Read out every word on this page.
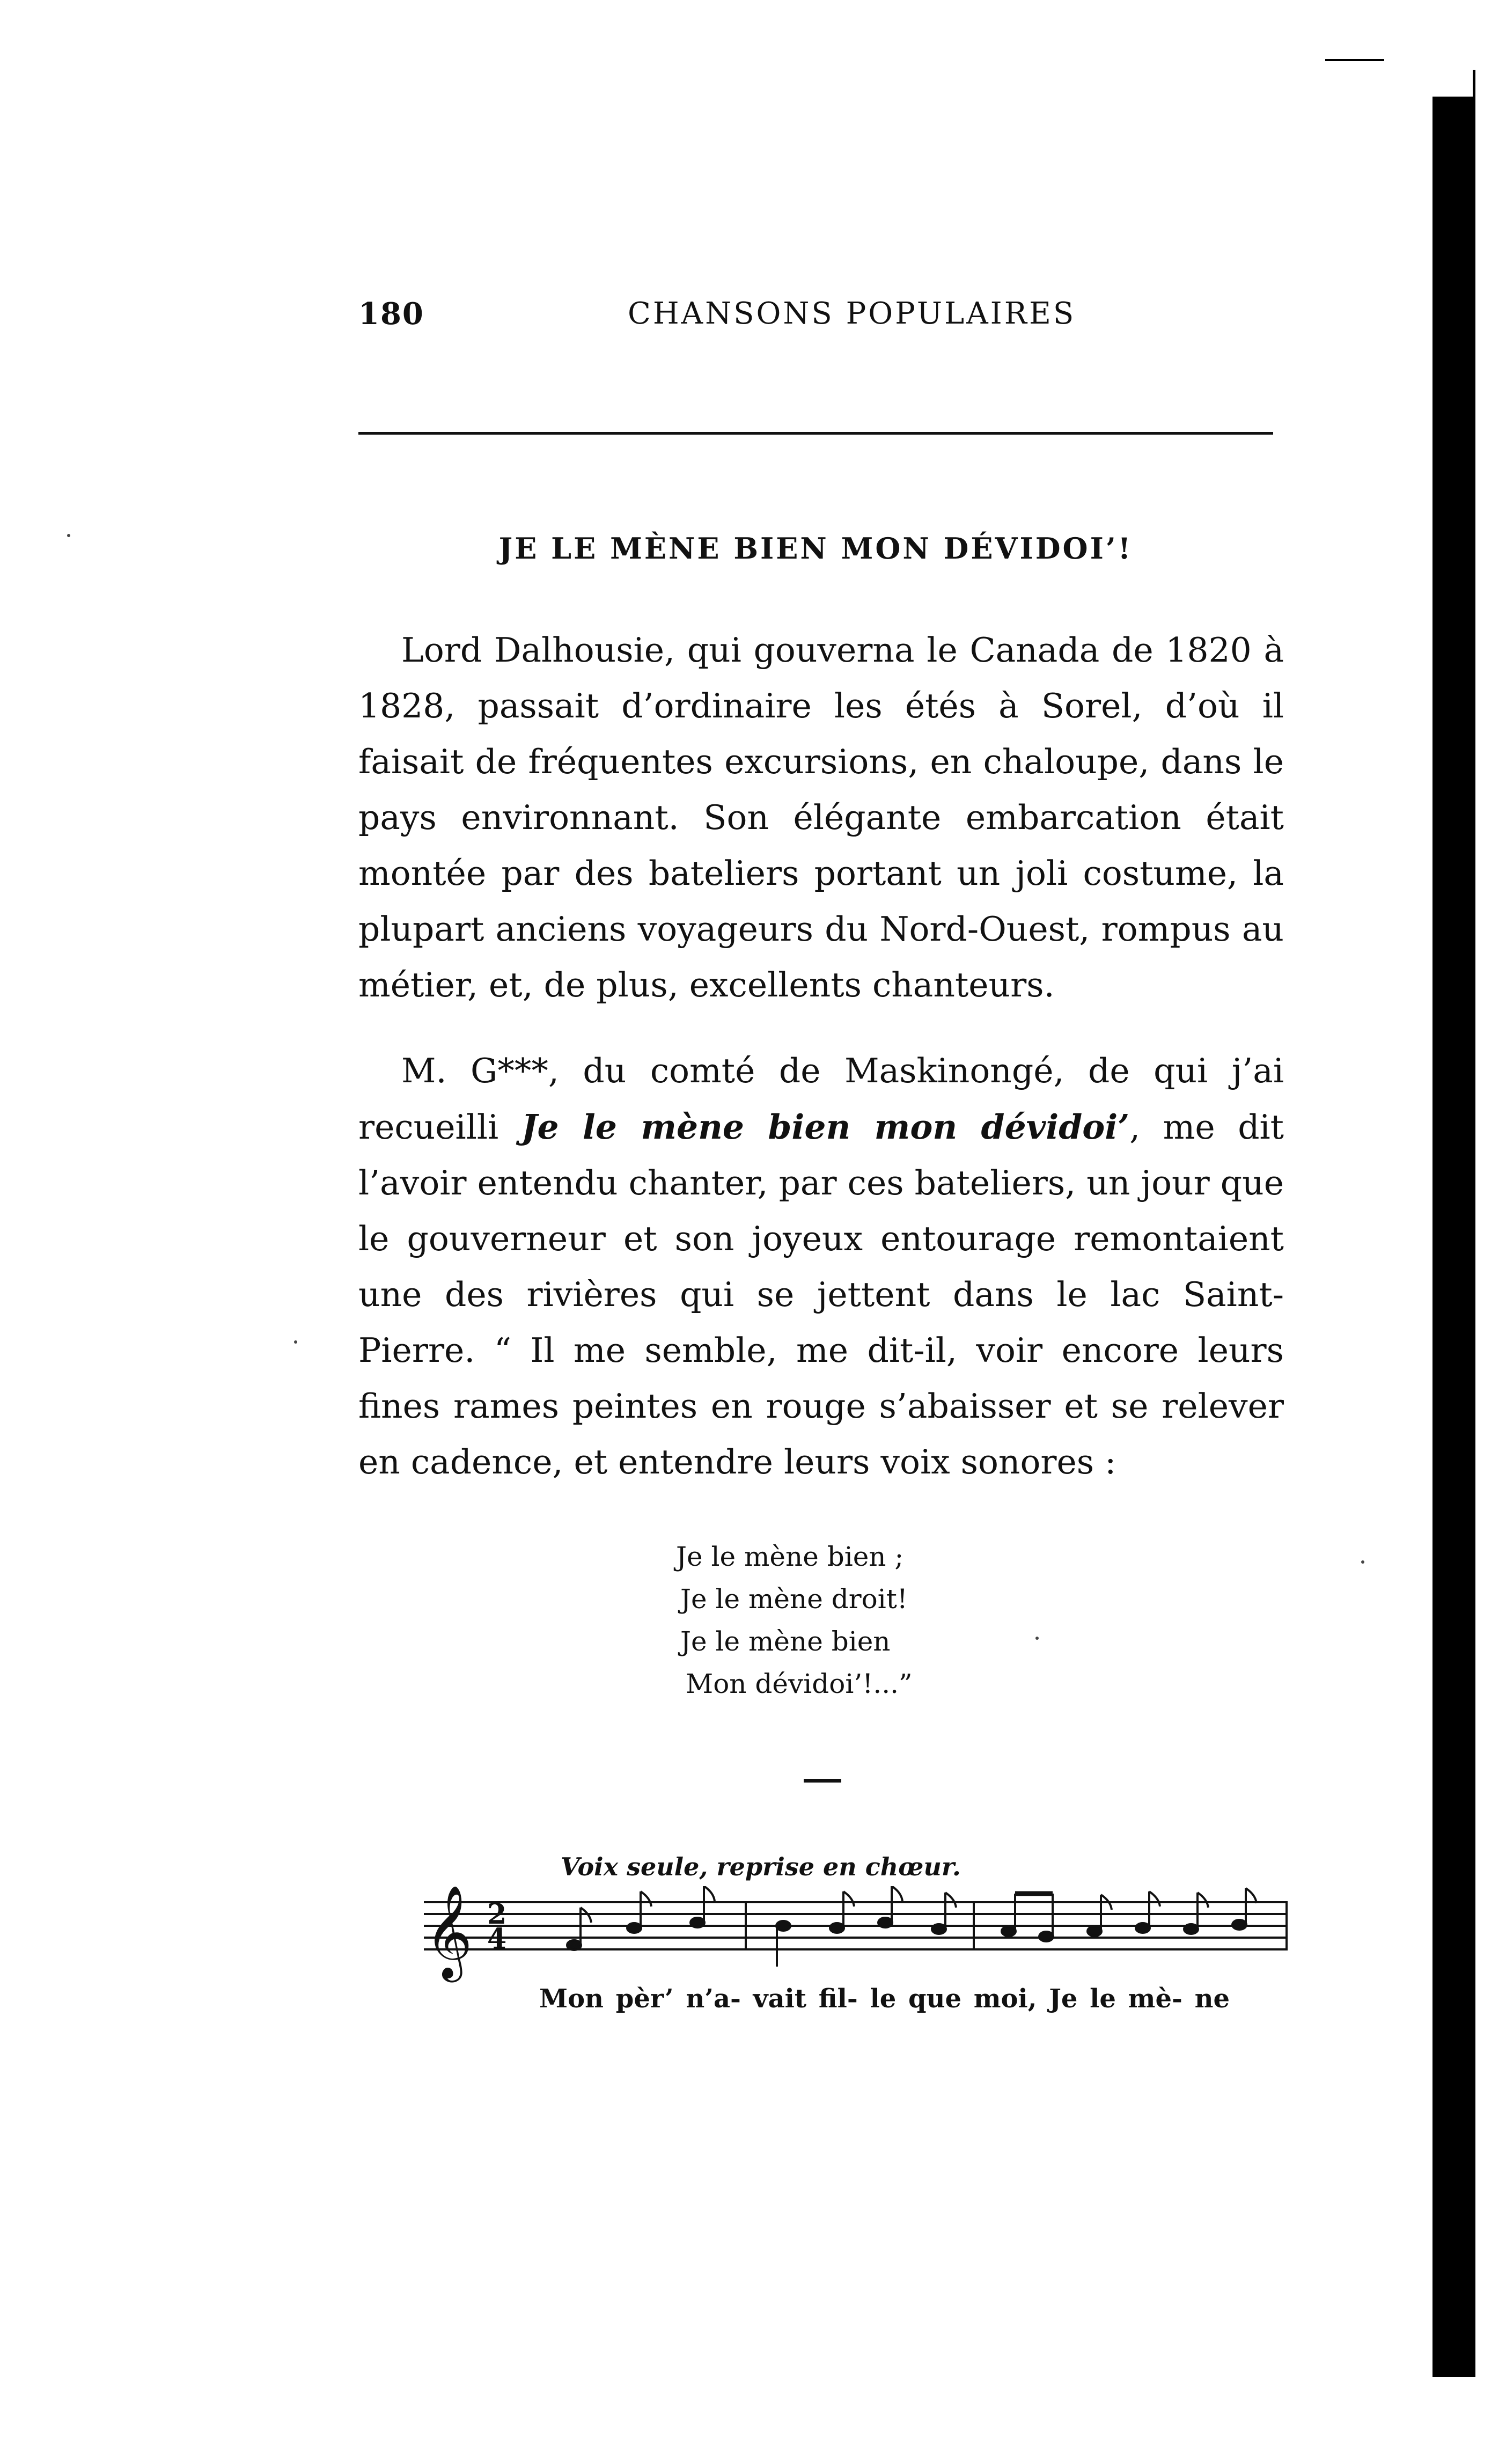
180	CHANSONS POPULAIRES
JE LE MÈNE BIEN MON DÉVIDOI’!

Lord Dalhousie, qui gouverna le Canada de 1820 à 1828, passait d’ordinaire les étés à Sorel, d’où il faisait de fréquentes excursions, en chaloupe, dans le pays environnant. Son élégante embarcation était montée par des bateliers portant un joli costume, la plupart anciens voyageurs du Nord-Ouest, rompus au métier, et, de plus, excellents chanteurs.

M. G***, du comté de Maskinongé, de qui j’ai recueilli Je le mène bien mon dévidoi’, me dit l’avoir entendu chanter, par ces bateliers, un jour que le gouverneur et son joyeux entourage remontaient une des rivières qui se jettent dans le lac Saint-Pierre. “ Il me semble, me dit-il, voir encore leurs fines rames peintes en rouge s’abaisser et se relever en cadence, et entendre leurs voix sonores :

Je le mène bien ;
Je le mène droit!
Je le mène bien
Mon dévidoi’!...”
Voix seule, reprise en chœur.
𝄞 2
4
Mon pèr’ n’a- vait fil- le que moi, Je le mè- ne
